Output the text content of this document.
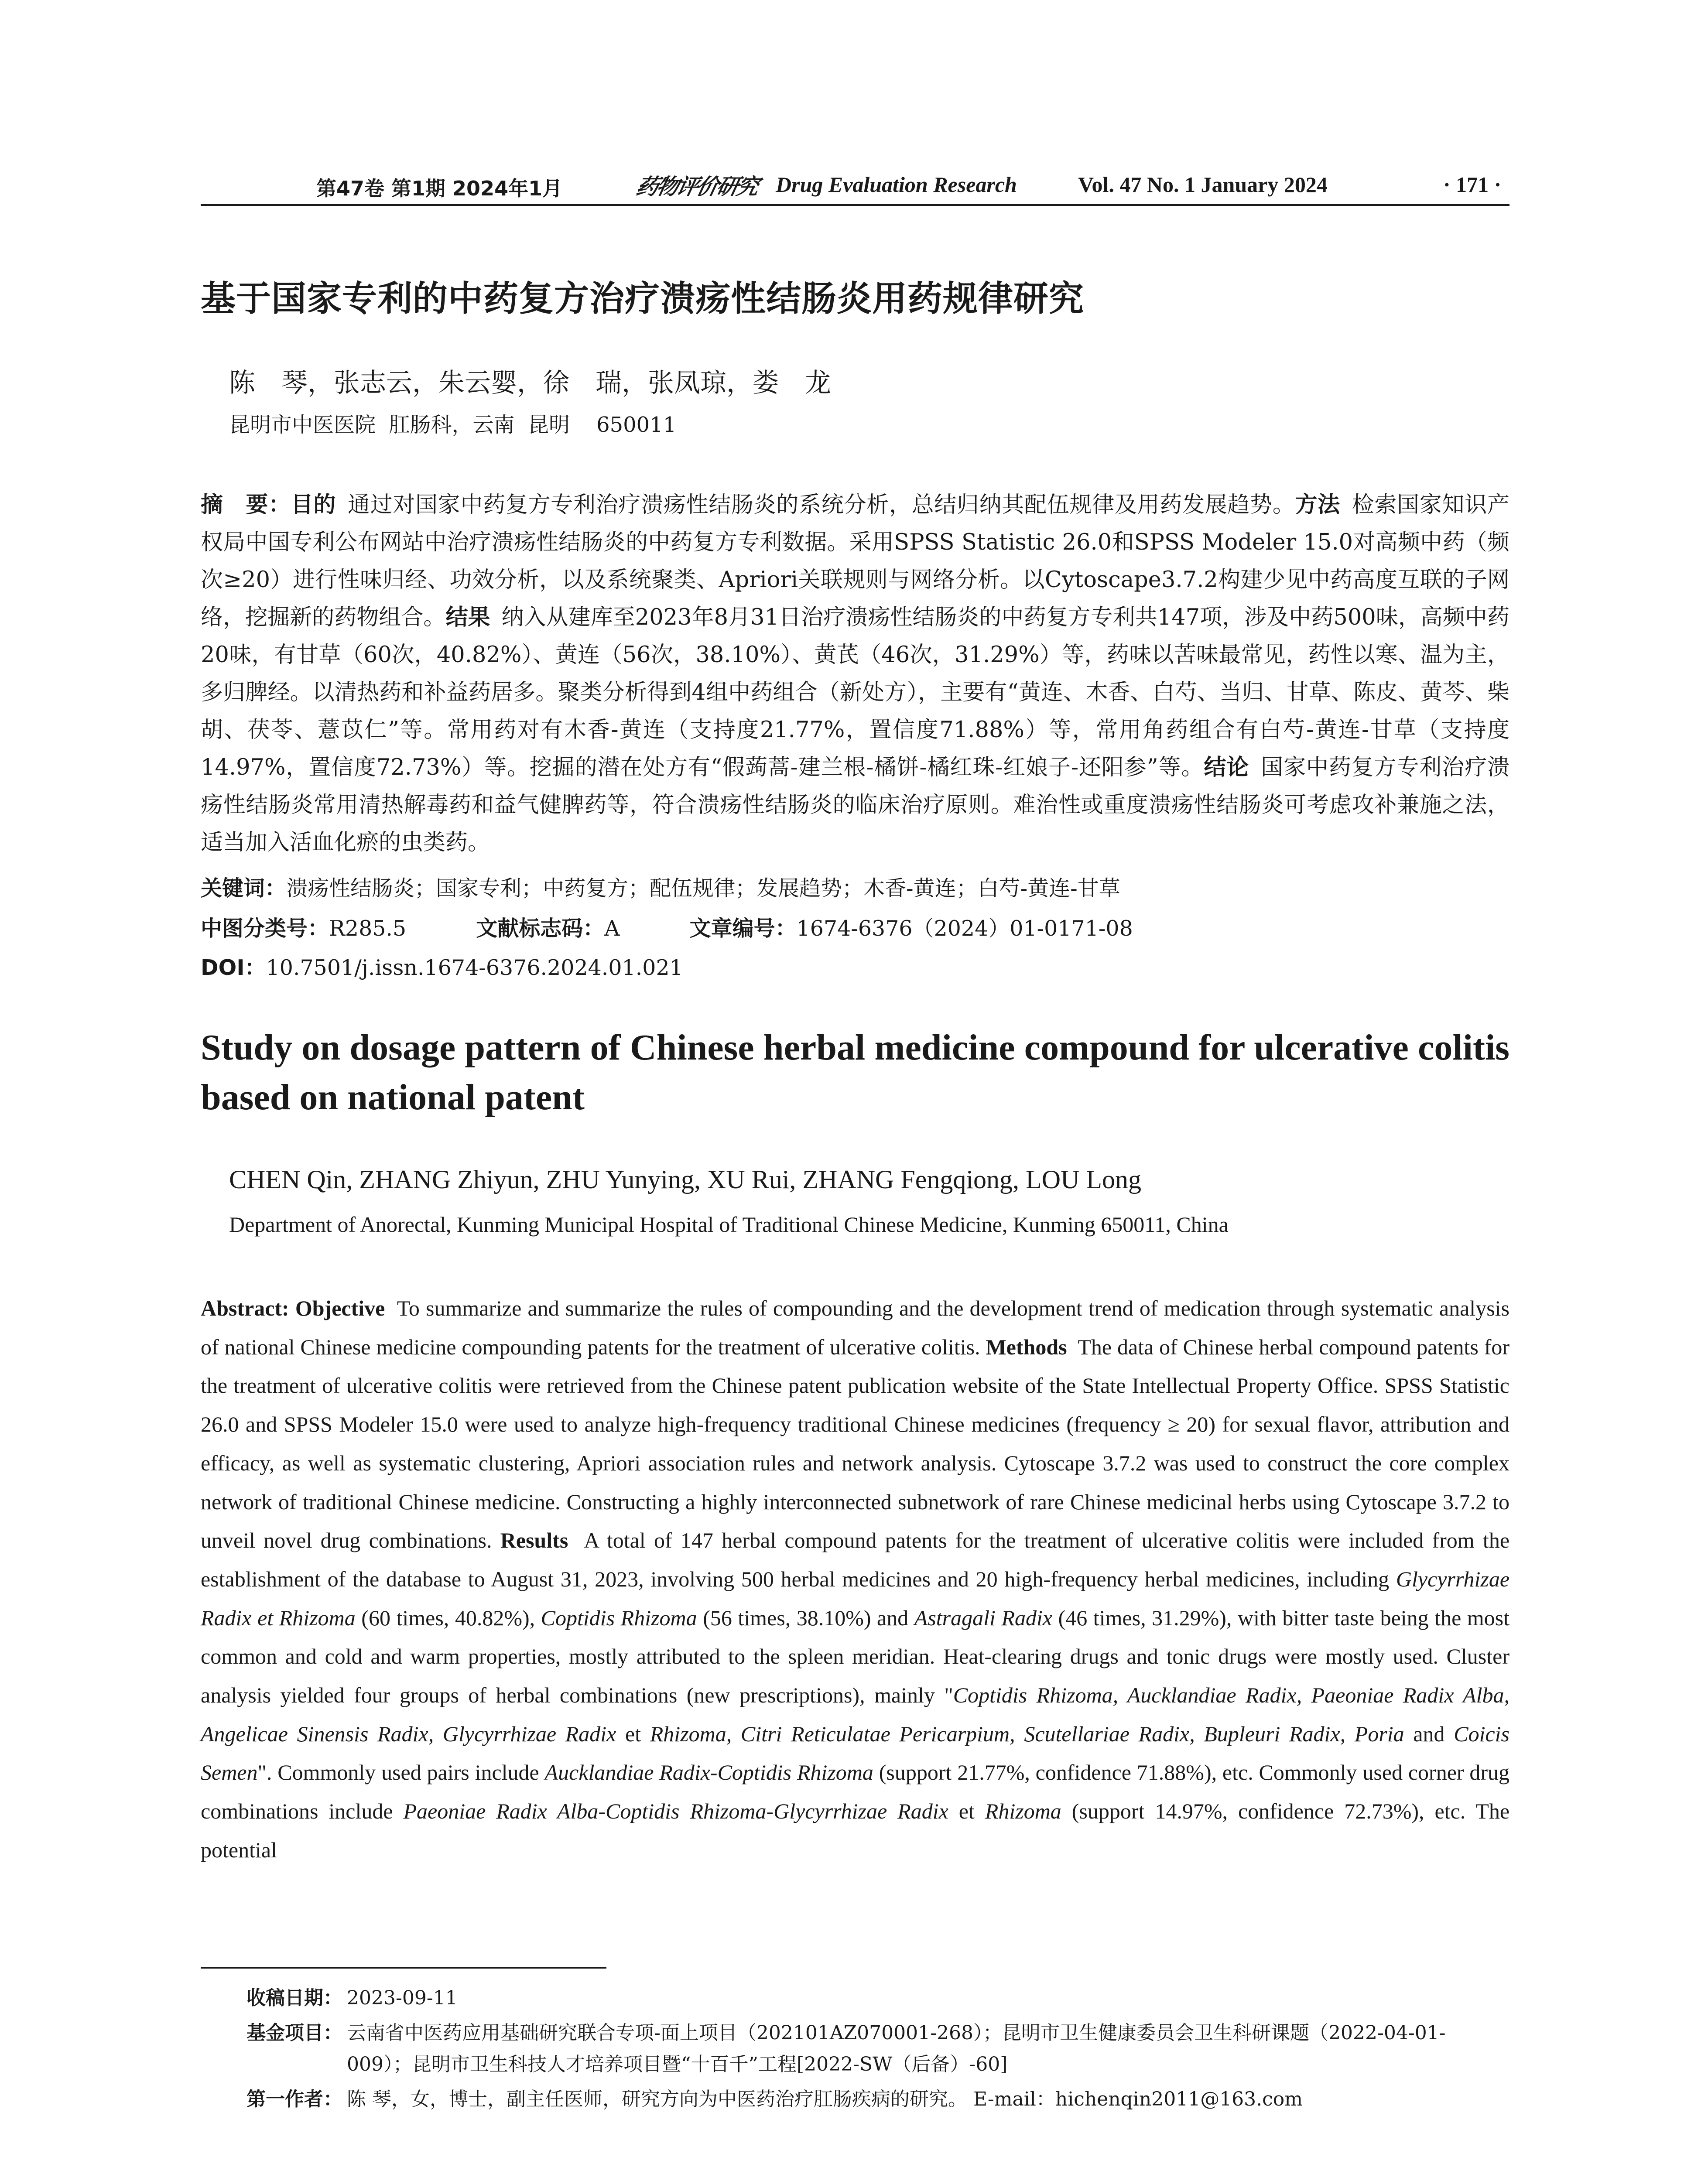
第47卷 第1期 2024年1月	药物评价研究 Drug Evaluation Research	Vol. 47 No. 1 January 2024	· 171 ·
基于国家专利的中药复方治疗溃疡性结肠炎用药规律研究
陈　琴，张志云，朱云婴，徐　瑞，张凤琼，娄　龙
昆明市中医医院  肛肠科，云南  昆明    650011
摘　要：目的 通过对国家中药复方专利治疗溃疡性结肠炎的系统分析，总结归纳其配伍规律及用药发展趋势。方法 检索国家知识产权局中国专利公布网站中治疗溃疡性结肠炎的中药复方专利数据。采用SPSS Statistic 26.0和SPSS Modeler 15.0对高频中药（频次≥20）进行性味归经、功效分析，以及系统聚类、Apriori关联规则与网络分析。以Cytoscape3.7.2构建少见中药高度互联的子网络，挖掘新的药物组合。结果 纳入从建库至2023年8月31日治疗溃疡性结肠炎的中药复方专利共147项，涉及中药500味，高频中药20味，有甘草（60次，40.82%）、黄连（56次，38.10%）、黄芪（46次，31.29%）等，药味以苦味最常见，药性以寒、温为主，多归脾经。以清热药和补益药居多。聚类分析得到4组中药组合（新处方），主要有“黄连、木香、白芍、当归、甘草、陈皮、黄芩、柴胡、茯苓、薏苡仁”等。常用药对有木香-黄连（支持度21.77%，置信度71.88%）等，常用角药组合有白芍-黄连-甘草（支持度14.97%，置信度72.73%）等。挖掘的潜在处方有“假蒟蒿-建兰根-橘饼-橘红珠-红娘子-还阳参”等。结论 国家中药复方专利治疗溃疡性结肠炎常用清热解毒药和益气健脾药等，符合溃疡性结肠炎的临床治疗原则。难治性或重度溃疡性结肠炎可考虑攻补兼施之法，适当加入活血化瘀的虫类药。
关键词：溃疡性结肠炎；国家专利；中药复方；配伍规律；发展趋势；木香-黄连；白芍-黄连-甘草
中图分类号：R285.5	文献标志码：A	文章编号：1674-6376（2024）01-0171-08
DOI：10.7501/j.issn.1674-6376.2024.01.021
Study on dosage pattern of Chinese herbal medicine compound for ulcerative colitis based on national patent
CHEN Qin, ZHANG Zhiyun, ZHU Yunying, XU Rui, ZHANG Fengqiong, LOU Long
Department of Anorectal, Kunming Municipal Hospital of Traditional Chinese Medicine, Kunming 650011, China
Abstract: Objective To summarize and summarize the rules of compounding and the development trend of medication through systematic analysis of national Chinese medicine compounding patents for the treatment of ulcerative colitis. Methods The data of Chinese herbal compound patents for the treatment of ulcerative colitis were retrieved from the Chinese patent publication website of the State Intellectual Property Office. SPSS Statistic 26.0 and SPSS Modeler 15.0 were used to analyze high-frequency traditional Chinese medicines (frequency ≥ 20) for sexual flavor, attribution and efficacy, as well as systematic clustering, Apriori association rules and network analysis. Cytoscape 3.7.2 was used to construct the core complex network of traditional Chinese medicine. Constructing a highly interconnected subnetwork of rare Chinese medicinal herbs using Cytoscape 3.7.2 to unveil novel drug combinations. Results A total of 147 herbal compound patents for the treatment of ulcerative colitis were included from the establishment of the database to August 31, 2023, involving 500 herbal medicines and 20 high-frequency herbal medicines, including Glycyrrhizae Radix et Rhizoma (60 times, 40.82%), Coptidis Rhizoma (56 times, 38.10%) and Astragali Radix (46 times, 31.29%), with bitter taste being the most common and cold and warm properties, mostly attributed to the spleen meridian. Heat-clearing drugs and tonic drugs were mostly used. Cluster analysis yielded four groups of herbal combinations (new prescriptions), mainly "Coptidis Rhizoma, Aucklandiae Radix, Paeoniae Radix Alba, Angelicae Sinensis Radix, Glycyrrhizae Radix et Rhizoma, Citri Reticulatae Pericarpium, Scutellariae Radix, Bupleuri Radix, Poria and Coicis Semen". Commonly used pairs include Aucklandiae Radix-Coptidis Rhizoma (support 21.77%, confidence 71.88%), etc. Commonly used corner drug combinations include Paeoniae Radix Alba-Coptidis Rhizoma-Glycyrrhizae Radix et Rhizoma (support 14.97%, confidence 72.73%), etc. The potential
收稿日期： 2023-09-11
基金项目： 云南省中医药应用基础研究联合专项-面上项目（202101AZ070001-268）；昆明市卫生健康委员会卫生科研课题（2022-04-01-009）；昆明市卫生科技人才培养项目暨“十百千”工程[2022-SW（后备）-60]
第一作者： 陈 琴，女，博士，副主任医师，研究方向为中医药治疗肛肠疾病的研究。 E-mail：hichenqin2011@163.com
